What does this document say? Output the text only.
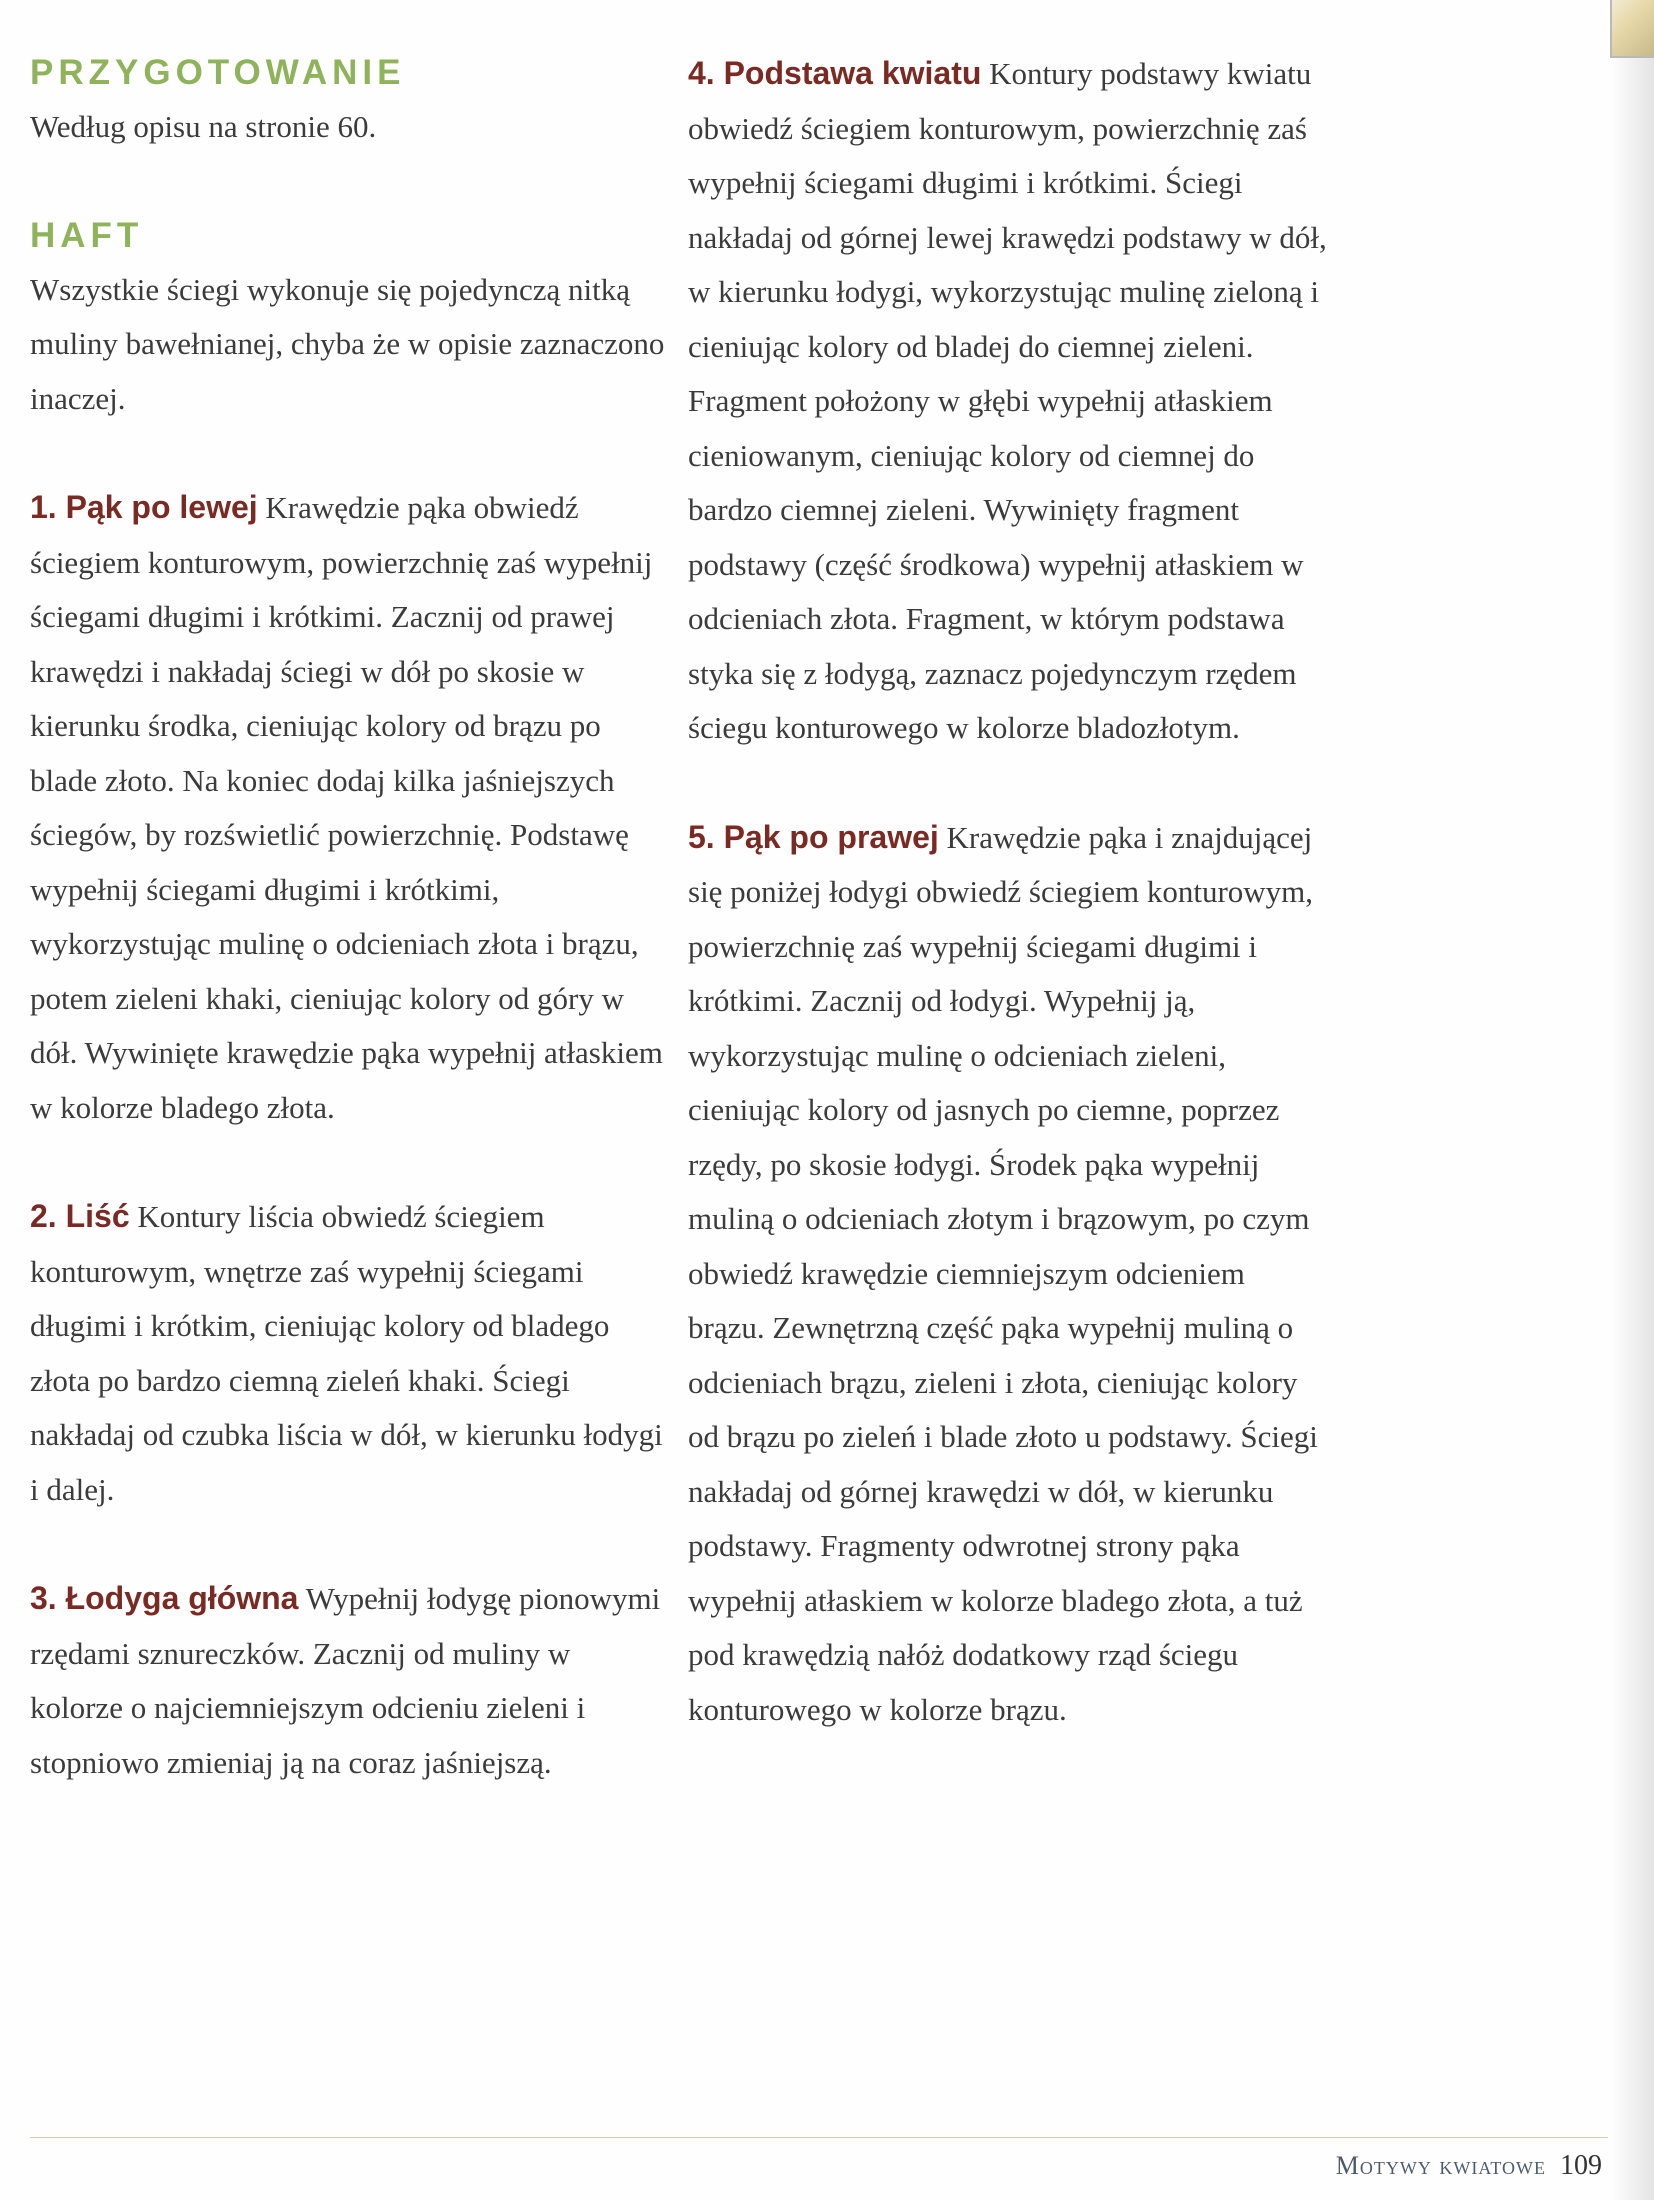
PRZYGOTOWANIE

Według opisu na stronie 60.

HAFT

Wszystkie ściegi wykonuje się pojedynczą nitką muliny bawełnianej, chyba że w opisie zaznaczono inaczej.

1. Pąk po lewej Krawędzie pąka obwiedź ściegiem konturowym, powierzchnię zaś wypełnij ściegami długimi i krótkimi. Zacznij od prawej krawędzi i nakładaj ściegi w dół po skosie w kierunku środka, cieniując kolory od brązu po blade złoto. Na koniec dodaj kilka jaśniejszych ściegów, by rozświetlić powierzchnię. Podstawę wypełnij ściegami długimi i krótkimi, wykorzystując mulinę o odcieniach złota i brązu, potem zieleni khaki, cieniując kolory od góry w dół. Wywinięte krawędzie pąka wypełnij atłaskiem w kolorze bladego złota.

2. Liść Kontury liścia obwiedź ściegiem konturowym, wnętrze zaś wypełnij ściegami długimi i krótkim, cieniując kolory od bladego złota po bardzo ciemną zieleń khaki. Ściegi nakładaj od czubka liścia w dół, w kierunku łodygi i dalej.

3. Łodyga główna Wypełnij łodygę pionowymi rzędami sznureczków. Zacznij od muliny w kolorze o najciemniejszym odcieniu zieleni i stopniowo zmieniaj ją na coraz jaśniejszą.

4. Podstawa kwiatu Kontury podstawy kwiatu obwiedź ściegiem konturowym, powierzchnię zaś wypełnij ściegami długimi i krótkimi. Ściegi nakładaj od górnej lewej krawędzi podstawy w dół, w kierunku łodygi, wykorzystując mulinę zieloną i cieniując kolory od bladej do ciemnej zieleni. Fragment położony w głębi wypełnij atłaskiem cieniowanym, cieniując kolory od ciemnej do bardzo ciemnej zieleni. Wywinięty fragment podstawy (część środkowa) wypełnij atłaskiem w odcieniach złota. Fragment, w którym podstawa styka się z łodygą, zaznacz pojedynczym rzędem ściegu konturowego w kolorze bladozłotym.

5. Pąk po prawej Krawędzie pąka i znajdującej się poniżej łodygi obwiedź ściegiem konturowym, powierzchnię zaś wypełnij ściegami długimi i krótkimi. Zacznij od łodygi. Wypełnij ją, wykorzystując mulinę o odcieniach zieleni, cieniując kolory od jasnych po ciemne, poprzez rzędy, po skosie łodygi. Środek pąka wypełnij muliną o odcieniach złotym i brązowym, po czym obwiedź krawędzie ciemniejszym odcieniem brązu. Zewnętrzną część pąka wypełnij muliną o odcieniach brązu, zieleni i złota, cieniując kolory od brązu po zieleń i blade złoto u podstawy. Ściegi nakładaj od górnej krawędzi w dół, w kierunku podstawy. Fragmenty odwrotnej strony pąka wypełnij atłaskiem w kolorze bladego złota, a tuż pod krawędzią nałóż dodatkowy rząd ściegu konturowego w kolorze brązu.

Motywy kwiatowe 109
